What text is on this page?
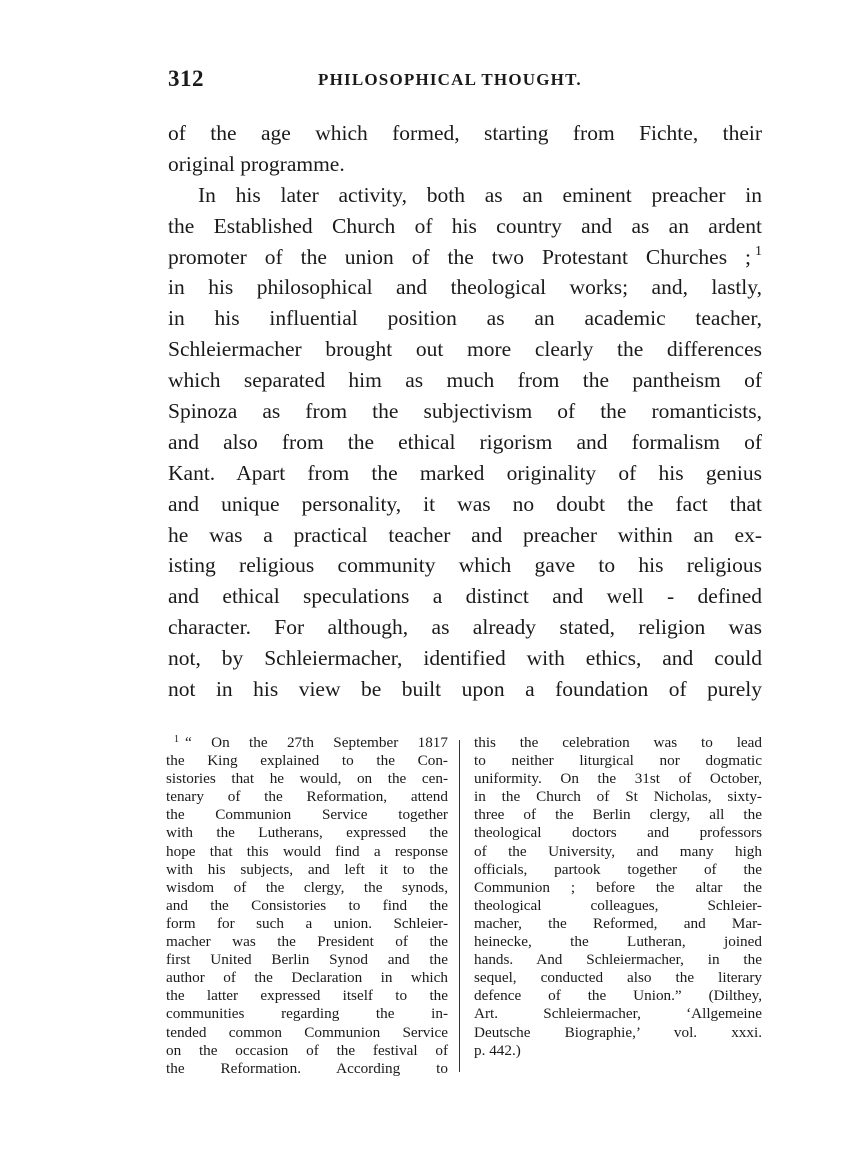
312	PHILOSOPHICAL THOUGHT.
of the age which formed, starting from Fichte, their
original programme.
In his later activity, both as an eminent preacher in
the Established Church of his country and as an ardent
promoter of the union of the two Protestant Churches ; $^1$
in his philosophical and theological works; and, lastly,
in his influential position as an academic teacher,
Schleiermacher brought out more clearly the differences
which separated him as much from the pantheism of
Spinoza as from the subjectivism of the romanticists,
and also from the ethical rigorism and formalism of
Kant. Apart from the marked originality of his genius
and unique personality, it was no doubt the fact that
he was a practical teacher and preacher within an ex-
isting religious community which gave to his religious
and ethical speculations a distinct and well - defined
character. For although, as already stated, religion was
not, by Schleiermacher, identified with ethics, and could
not in his view be built upon a foundation of purely
$^1$ “ On the 27th September 1817
the King explained to the Con-
sistories that he would, on the cen-
tenary of the Reformation, attend
the Communion Service together
with the Lutherans, expressed the
hope that this would find a response
with his subjects, and left it to the
wisdom of the clergy, the synods,
and the Consistories to find the
form for such a union. Schleier-
macher was the President of the
first United Berlin Synod and the
author of the Declaration in which
the latter expressed itself to the
communities regarding the in-
tended common Communion Service
on the occasion of the festival of
the Reformation. According to
this the celebration was to lead
to neither liturgical nor dogmatic
uniformity. On the 31st of October,
in the Church of St Nicholas, sixty-
three of the Berlin clergy, all the
theological doctors and professors
of the University, and many high
officials, partook together of the
Communion ; before the altar the
theological colleagues, Schleier-
macher, the Reformed, and Mar-
heinecke, the Lutheran, joined
hands. And Schleiermacher, in the
sequel, conducted also the literary
defence of the Union.” (Dilthey,
Art. Schleiermacher, ‘Allgemeine
Deutsche Biographie,’ vol. xxxi.
p. 442.)
